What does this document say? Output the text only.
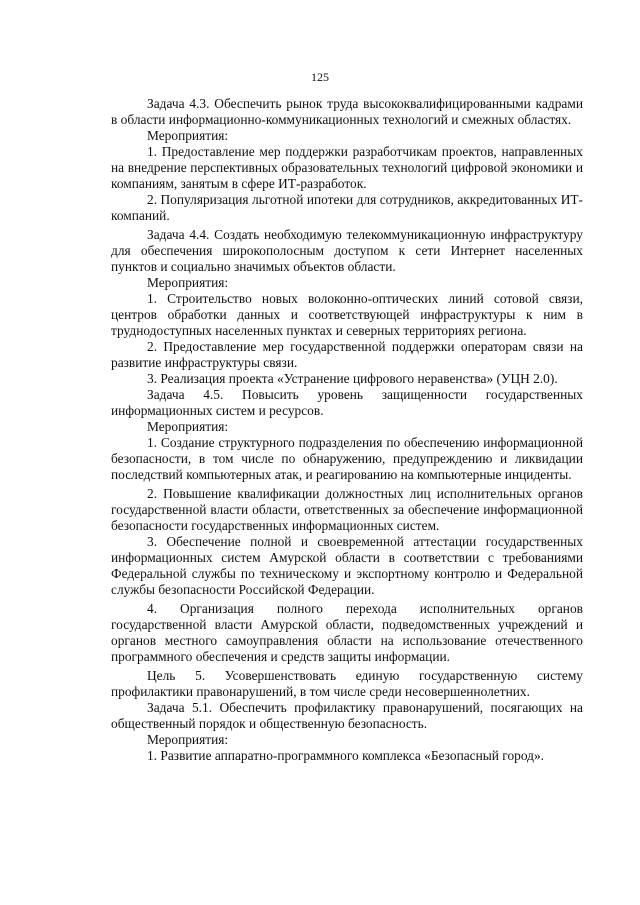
125

Задача 4.3. Обеспечить рынок труда высококвалифицированными кадрами в области информационно-коммуникационных технологий и смежных областях.

Мероприятия:

1. Предоставление мер поддержки разработчикам проектов, направленных на внедрение перспективных образовательных технологий цифровой экономики и компаниям, занятым в сфере ИТ-разработок.

2. Популяризация льготной ипотеки для сотрудников, аккредитованных ИТ-компаний.

Задача 4.4. Создать необходимую телекоммуникационную инфраструктуру для обеспечения широкополосным доступом к сети Интернет населенных пунктов и социально значимых объектов области.

Мероприятия:

1. Строительство новых волоконно-оптических линий сотовой связи, центров обработки данных и соответствующей инфраструктуры к ним в труднодоступных населенных пунктах и северных территориях региона.

2. Предоставление мер государственной поддержки операторам связи на развитие инфраструктуры связи.

3. Реализация проекта «Устранение цифрового неравенства» (УЦН 2.0).

Задача 4.5. Повысить уровень защищенности государственных информационных систем и ресурсов.

Мероприятия:

1. Создание структурного подразделения по обеспечению информационной безопасности, в том числе по обнаружению, предупреждению и ликвидации последствий компьютерных атак, и реагированию на компьютерные инциденты.

2. Повышение квалификации должностных лиц исполнительных органов государственной власти области, ответственных за обеспечение информационной безопасности государственных информационных систем.

3. Обеспечение полной и своевременной аттестации государственных информационных систем Амурской области в соответствии с требованиями Федеральной службы по техническому и экспортному контролю и Федеральной службы безопасности Российской Федерации.

4. Организация полного перехода исполнительных органов государственной власти Амурской области, подведомственных учреждений и органов местного самоуправления области на использование отечественного программного обеспечения и средств защиты информации.

Цель 5. Усовершенствовать единую государственную систему профилактики правонарушений, в том числе среди несовершеннолетних.

Задача 5.1. Обеспечить профилактику правонарушений, посягающих на общественный порядок и общественную безопасность.

Мероприятия:

1. Развитие аппаратно-программного комплекса «Безопасный город».
